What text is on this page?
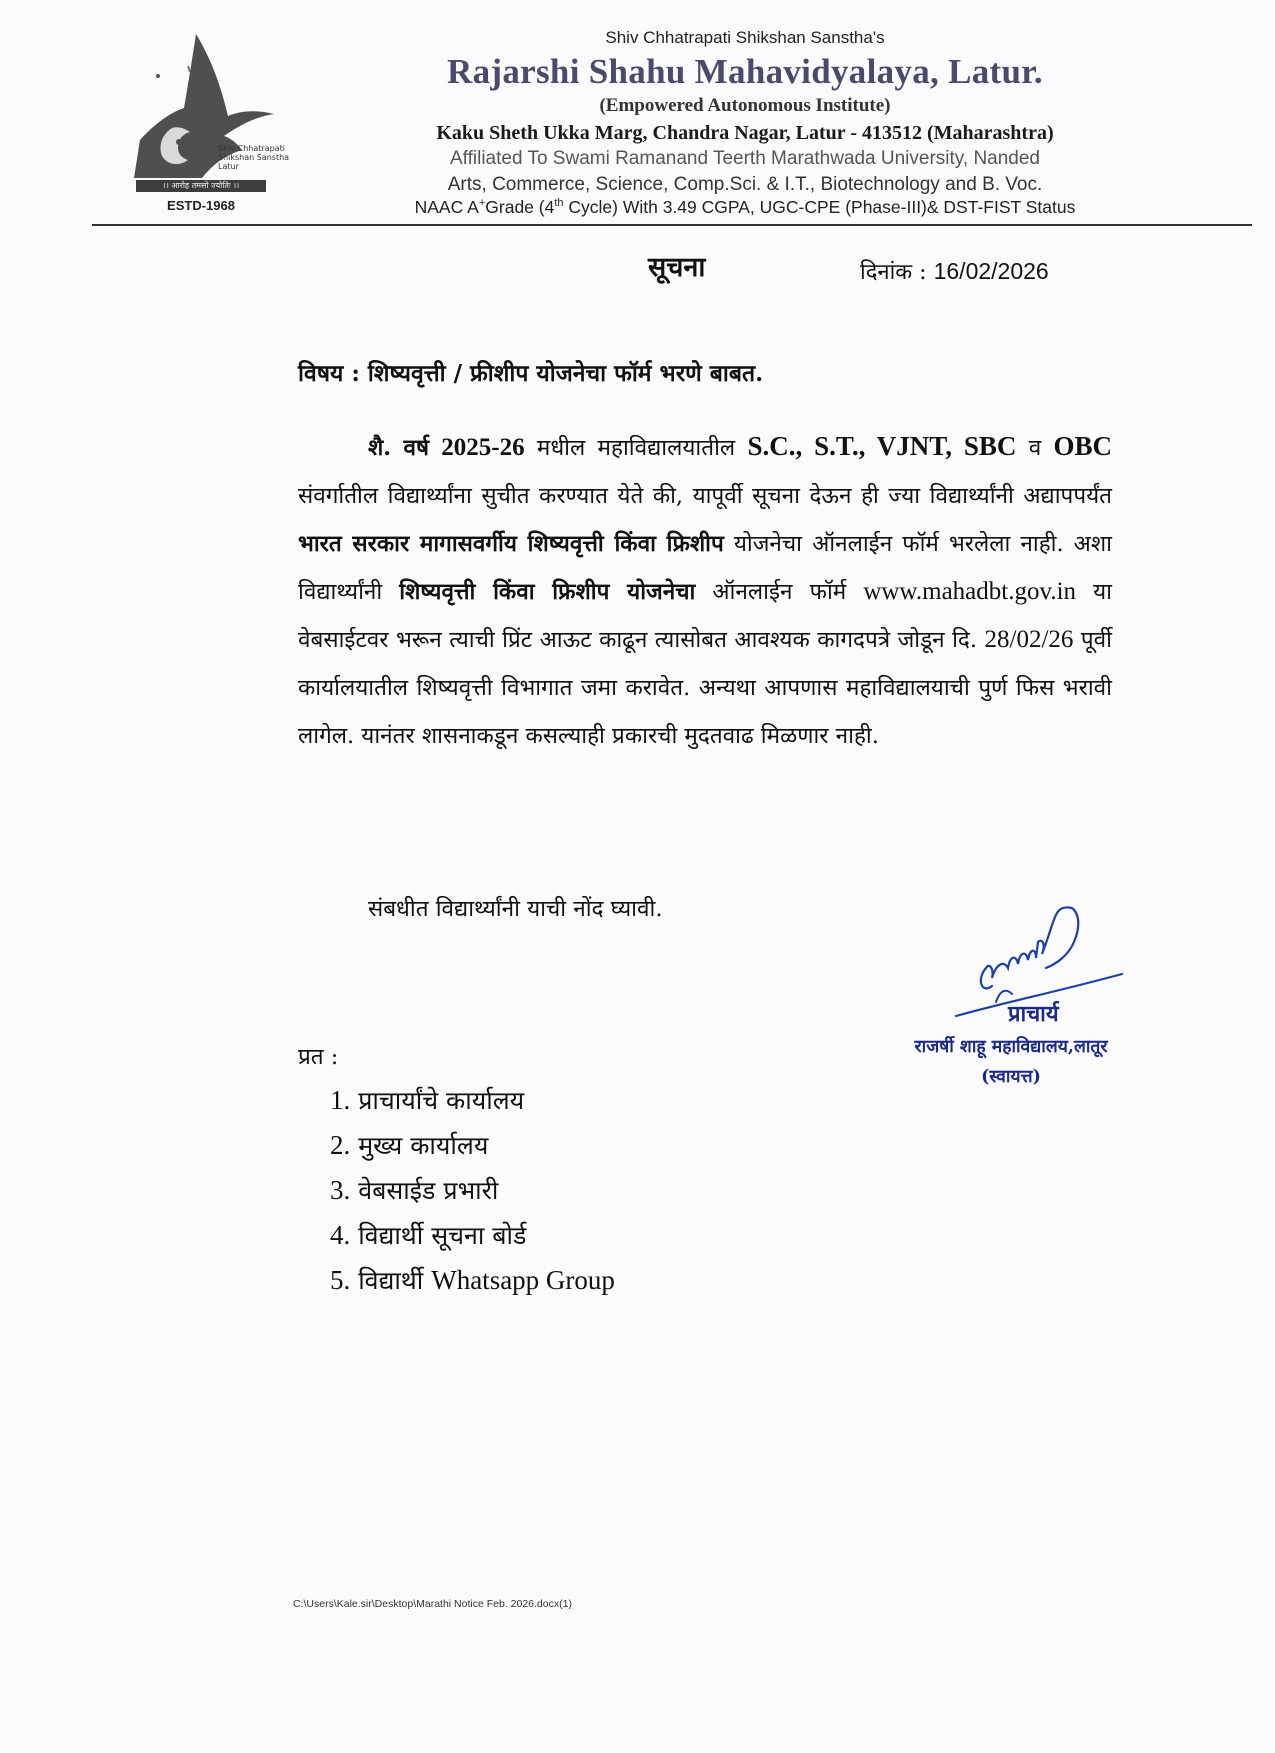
Shiv Chhatrapati Shikshan Sanstha Latur
।। आरोह तमसो ज्योतिः ।।
ESTD-1968
Shiv Chhatrapati Shikshan Sanstha's
Rajarshi Shahu Mahavidyalaya, Latur.
(Empowered Autonomous Institute)
Kaku Sheth Ukka Marg, Chandra Nagar, Latur - 413512 (Maharashtra)
Affiliated To Swami Ramanand Teerth Marathwada University, Nanded
Arts, Commerce, Science, Comp.Sci. & I.T., Biotechnology and B. Voc.
NAAC A+Grade (4th Cycle) With 3.49 CGPA, UGC-CPE (Phase-III)& DST-FIST Status
सूचना	दिनांक : 16/02/2026
विषय : शिष्यवृत्ती / फ्रीशीप योजनेचा फॉर्म भरणे बाबत.
शै. वर्ष 2025-26 मधील महाविद्यालयातील S.C., S.T., VJNT, SBC व OBC संवर्गातील विद्यार्थ्यांना सुचीत करण्यात येते की, यापूर्वी सूचना देऊन ही ज्या विद्यार्थ्यांनी अद्यापपर्यंत भारत सरकार मागासवर्गीय शिष्यवृत्ती किंवा फ्रिशीप योजनेचा ऑनलाईन फॉर्म भरलेला नाही. अशा विद्यार्थ्यांनी शिष्यवृत्ती किंवा फ्रिशीप योजनेचा ऑनलाईन फॉर्म www.mahadbt.gov.in या वेबसाईटवर भरून त्याची प्रिंट आऊट काढून त्यासोबत आवश्यक कागदपत्रे जोडून दि. 28/02/26 पूर्वी कार्यालयातील शिष्यवृत्ती विभागात जमा करावेत. अन्यथा आपणास महाविद्यालयाची पुर्ण फिस भरावी लागेल. यानंतर शासनाकडून कसल्याही प्रकारची मुदतवाढ मिळणार नाही.
संबधीत विद्यार्थ्यांनी याची नोंद घ्यावी.
प्राचार्य
राजर्षी शाहू महाविद्यालय,लातूर
(स्वायत्त)
प्रत :
1. प्राचार्यांचे कार्यालय
2. मुख्य कार्यालय
3. वेबसाईड प्रभारी
4. विद्यार्थी सूचना बोर्ड
5. विद्यार्थी Whatsapp Group
C:\Users\Kale.sir\Desktop\Marathi Notice Feb. 2026.docx(1)
